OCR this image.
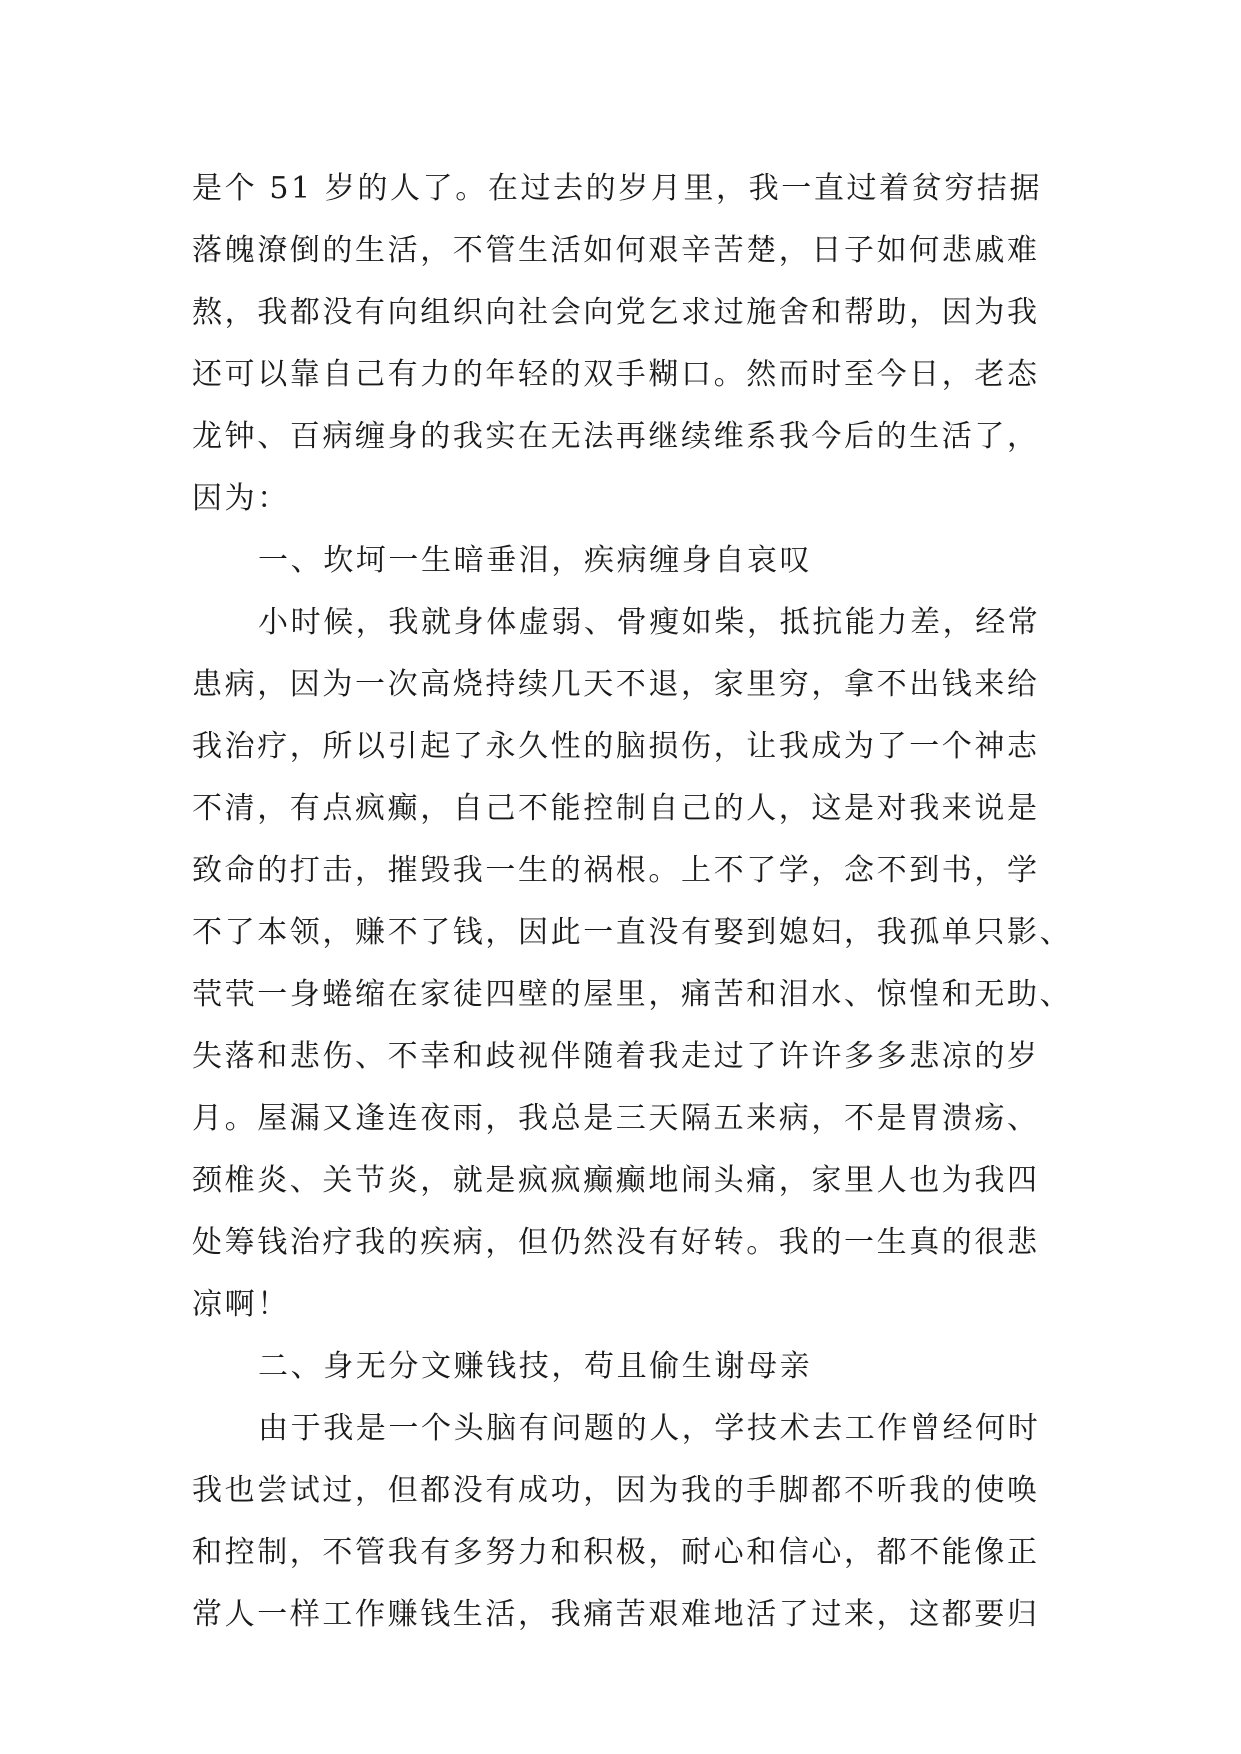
是个 51 岁的人了。在过去的岁月里，我一直过着贫穷拮据
落魄潦倒的生活，不管生活如何艰辛苦楚，日子如何悲戚难
熬，我都没有向组织向社会向党乞求过施舍和帮助，因为我
还可以靠自己有力的年轻的双手糊口。然而时至今日，老态
龙钟、百病缠身的我实在无法再继续维系我今后的生活了，
因为：
一、坎坷一生暗垂泪，疾病缠身自哀叹
小时候，我就身体虚弱、骨瘦如柴，抵抗能力差，经常
患病，因为一次高烧持续几天不退，家里穷，拿不出钱来给
我治疗，所以引起了永久性的脑损伤，让我成为了一个神志
不清，有点疯癫，自己不能控制自己的人，这是对我来说是
致命的打击，摧毁我一生的祸根。上不了学，念不到书，学
不了本领，赚不了钱，因此一直没有娶到媳妇，我孤单只影、
茕茕一身蜷缩在家徒四壁的屋里，痛苦和泪水、惊惶和无助、
失落和悲伤、不幸和歧视伴随着我走过了许许多多悲凉的岁
月。屋漏又逢连夜雨，我总是三天隔五来病，不是胃溃疡、
颈椎炎、关节炎，就是疯疯癫癫地闹头痛，家里人也为我四
处筹钱治疗我的疾病，但仍然没有好转。我的一生真的很悲
凉啊！
二、身无分文赚钱技，苟且偷生谢母亲
由于我是一个头脑有问题的人，学技术去工作曾经何时
我也尝试过，但都没有成功，因为我的手脚都不听我的使唤
和控制，不管我有多努力和积极，耐心和信心，都不能像正
常人一样工作赚钱生活，我痛苦艰难地活了过来，这都要归
